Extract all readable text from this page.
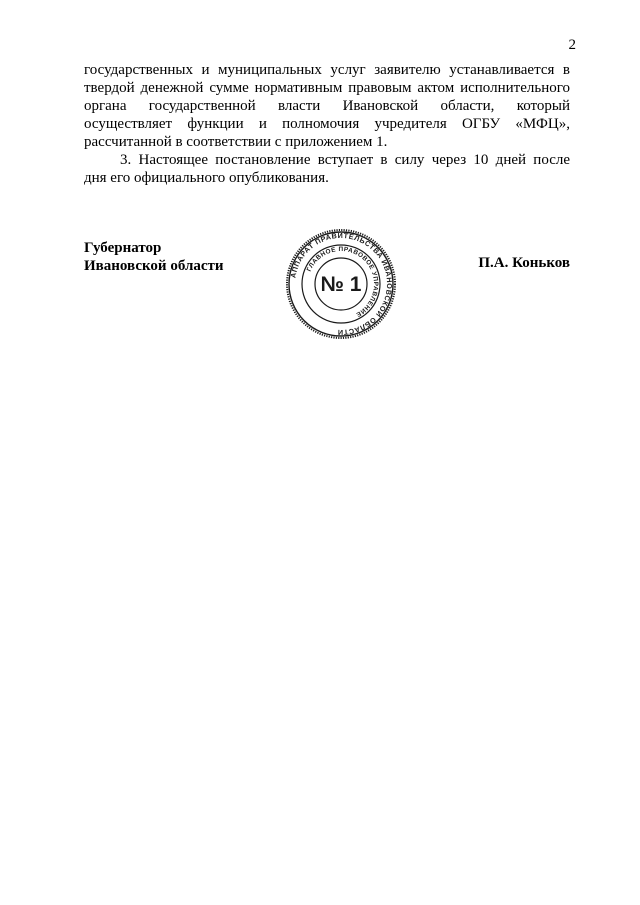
2

государственных и муниципальных услуг заявителю устанавливается в

твердой денежной сумме нормативным правовым актом исполнительного

органа государственной власти Ивановской области, который

осуществляет функции и полномочия учредителя ОГБУ «МФЦ»,

рассчитанной в соответствии с приложением 1.

3. Настоящее постановление вступает в силу через 10 дней после

дня его официального опубликования.

Губернатор
Ивановской области	П.А. Коньков
АППАРАТ ПРАВИТЕЛЬСТВА ИВАНОВСКОЙ ОБЛАСТИ
ГЛАВНОЕ ПРАВОВОЕ УПРАВЛЕНИЕ
№ 1
